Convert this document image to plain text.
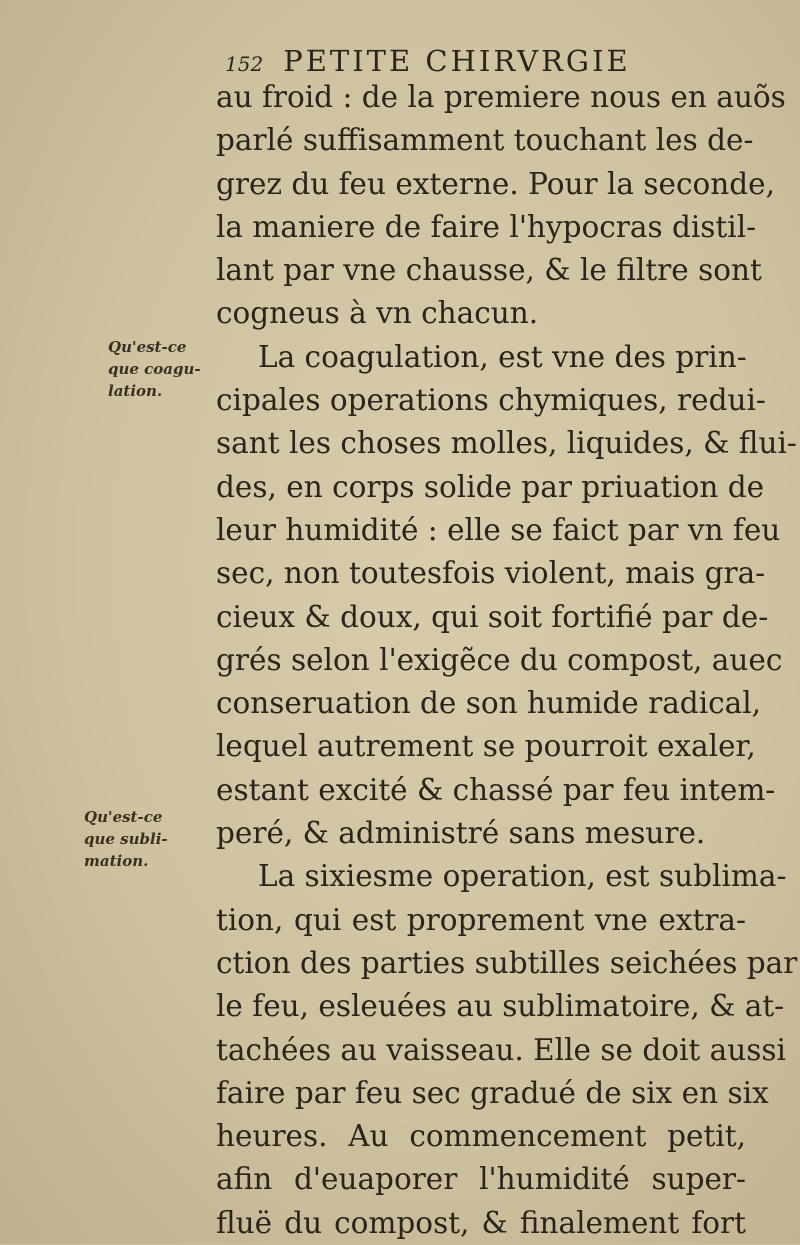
152 PETITE CHIRVRGIE
Qu'est-ce
que coagu-
lation.
Qu'est-ce
que subli-
mation.
au froid : de la premiere nous en auõs
parlé suffisamment touchant les de-
grez du feu externe. Pour la seconde,
la maniere de faire l'hypocras distil-
lant par vne chausse, & le filtre sont
cogneus à vn chacun.
La coagulation, est vne des prin-
cipales operations chymiques, redui-
sant les choses molles, liquides, & flui-
des, en corps solide par priuation de
leur humidité : elle se faict par vn feu
sec, non toutesfois violent, mais gra-
cieux & doux, qui soit fortifié par de-
grés selon l'exigẽce du compost, auec
conseruation de son humide radical,
lequel autrement se pourroit exaler,
estant excité & chassé par feu intem-
peré, & administré sans mesure.
La sixiesme operation, est sublima-
tion, qui est proprement vne extra-
ction des parties subtilles seichées par
le feu, esleuées au sublimatoire, & at-
tachées au vaisseau. Elle se doit aussi
faire par feu sec gradué de six en six
heures. Au commencement petit,
afin d'euaporer l'humidité super-
fluë du compost, & finalement fort
